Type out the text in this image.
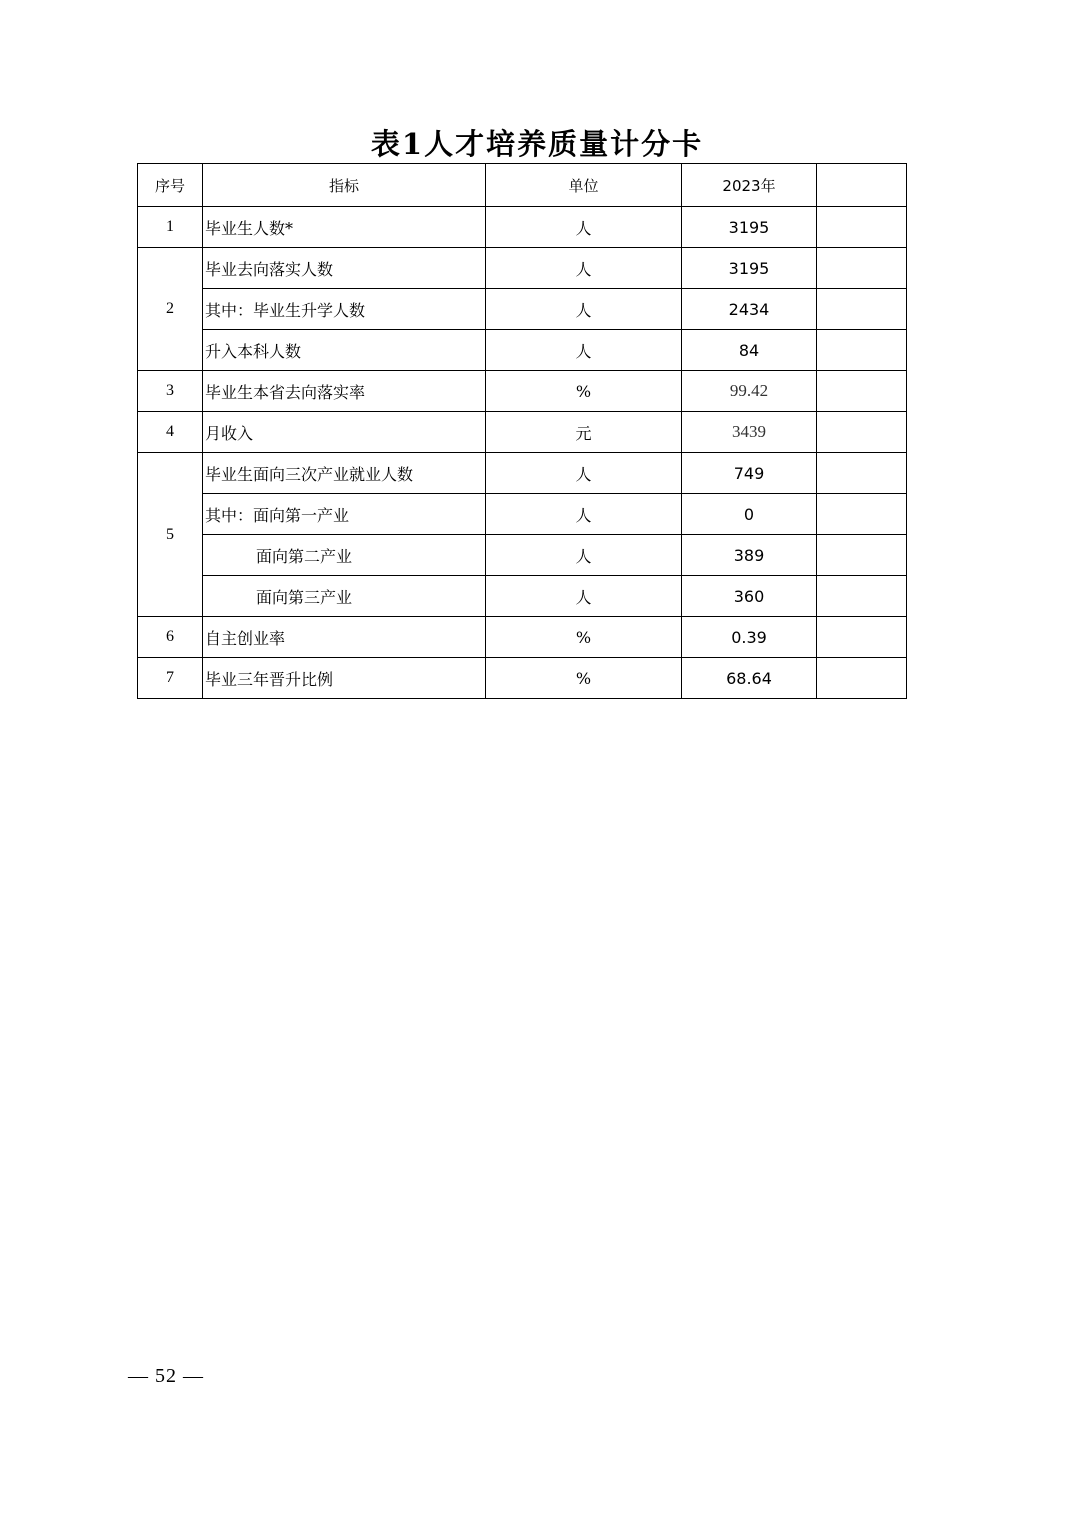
表1人才培养质量计分卡
序号	指标	单位	2023年	
1	毕业生人数*	人	3195	
2	毕业去向落实人数	人	3195	
	其中：毕业生升学人数	人	2434	
	升入本科人数	人	84	
3	毕业生本省去向落实率	%	99.42	
4	月收入	元	3439	
5	毕业生面向三次产业就业人数	人	749	
	其中：面向第一产业	人	0	
	面向第二产业	人	389	
	面向第三产业	人	360	
6	自主创业率	%	0.39	
7	毕业三年晋升比例	%	68.64	
— 52 —
